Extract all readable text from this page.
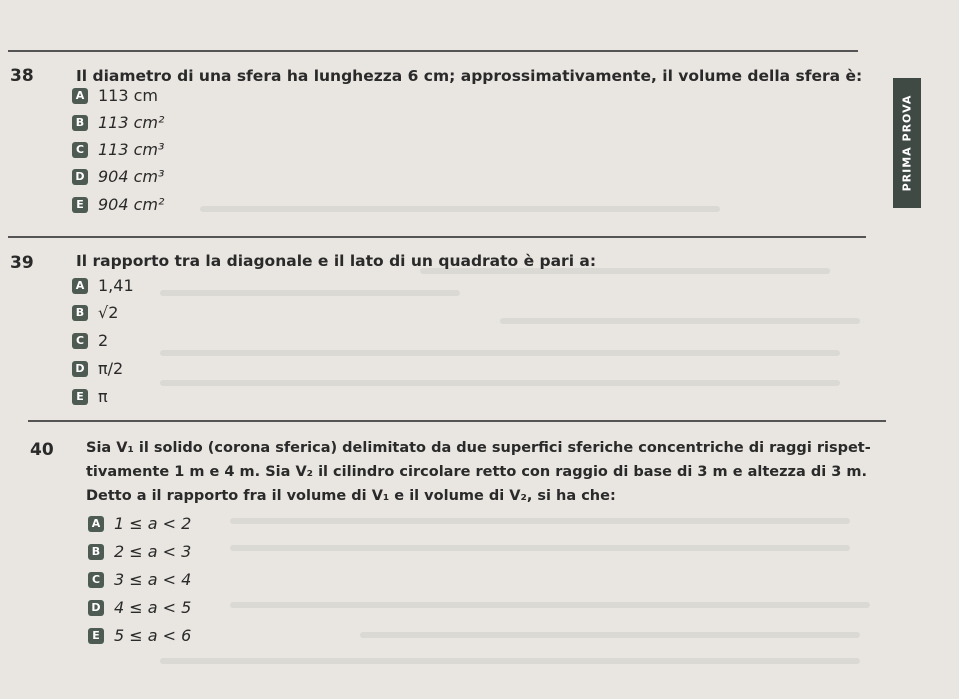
PRIMA PROVA
38	Il diametro di una sfera ha lunghezza 6 cm; approssimativamente, il volume della sfera è:
A 113 cm
B 113 cm²
C 113 cm³
D 904 cm³
E 904 cm²
39	Il rapporto tra la diagonale e il lato di un quadrato è pari a:
A 1,41
B √2
C 2
D π/2
E π
40 Sia V₁ il solido (corona sferica) delimitato da due superfici sferiche concentriche di raggi rispet-
tivamente 1 m e 4 m. Sia V₂ il cilindro circolare retto con raggio di base di 3 m e altezza di 3 m.
Detto a il rapporto fra il volume di V₁ e il volume di V₂, si ha che:
A 1 ≤ a < 2
B 2 ≤ a < 3
C 3 ≤ a < 4
D 4 ≤ a < 5
E 5 ≤ a < 6
